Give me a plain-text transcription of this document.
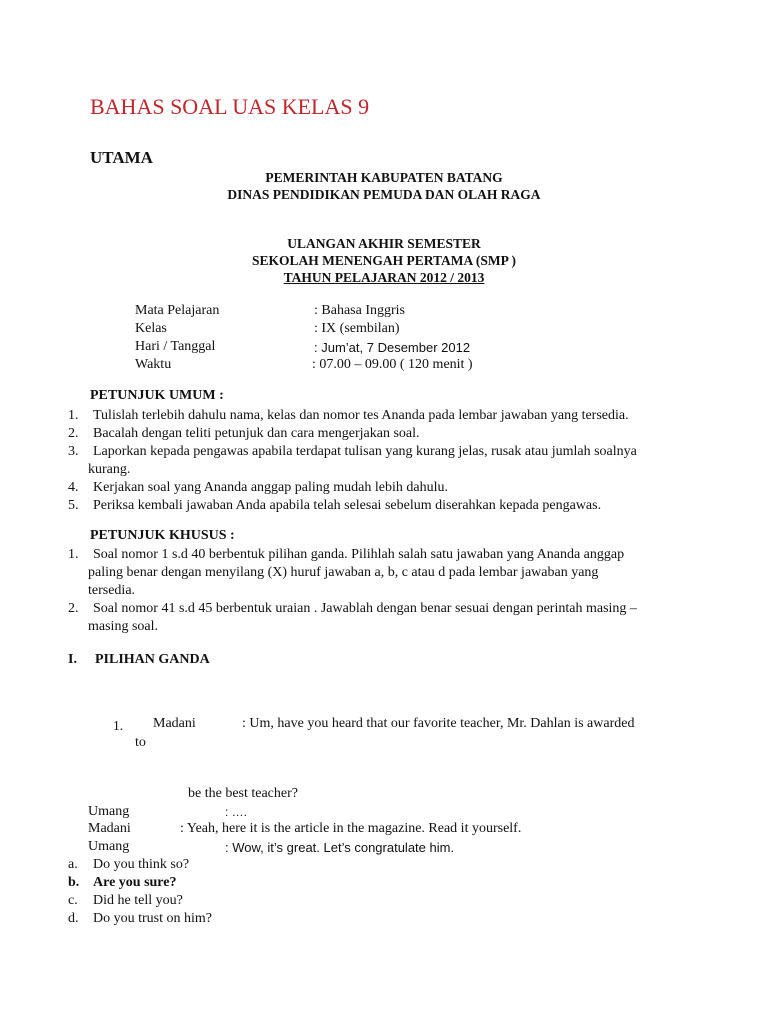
BAHAS SOAL UAS KELAS 9
UTAMA
PEMERINTAH KABUPATEN BATANG
DINAS PENDIDIKAN PEMUDA DAN OLAH RAGA
ULANGAN AKHIR SEMESTER
SEKOLAH MENENGAH PERTAMA (SMP )
TAHUN PELAJARAN 2012 / 2013
Mata Pelajaran	: Bahasa Inggris
Kelas	: IX (sembilan)
Hari / Tanggal	: Jum’at, 7 Desember 2012
Waktu	: 07.00 – 09.00 ( 120 menit )
PETUNJUK UMUM :
1. Tulislah terlebih dahulu nama, kelas dan nomor tes Ananda pada lembar jawaban yang tersedia.
2. Bacalah dengan teliti petunjuk dan cara mengerjakan soal.
3. Laporkan kepada pengawas apabila terdapat tulisan yang kurang jelas, rusak atau jumlah soalnya
kurang.
4. Kerjakan soal yang Ananda anggap paling mudah lebih dahulu.
5. Periksa kembali jawaban Anda apabila telah selesai sebelum diserahkan kepada pengawas.
PETUNJUK KHUSUS :
1. Soal nomor 1 s.d 40 berbentuk pilihan ganda. Pilihlah salah satu jawaban yang Ananda anggap
paling benar dengan menyilang (X) huruf jawaban a, b, c atau d pada lembar jawaban yang
tersedia.
2. Soal nomor 41 s.d 45 berbentuk uraian . Jawablah dengan benar sesuai dengan perintah masing –
masing soal.
I. PILIHAN GANDA
1. Madani	: Um, have you heard that our favorite teacher, Mr. Dahlan is awarded
to
be the best teacher?
Umang	: ….
Madani	: Yeah, here it is the article in the magazine. Read it yourself.
Umang	: Wow, it’s great. Let’s congratulate him.
a. Do you think so?
b. Are you sure?
c. Did he tell you?
d. Do you trust on him?
